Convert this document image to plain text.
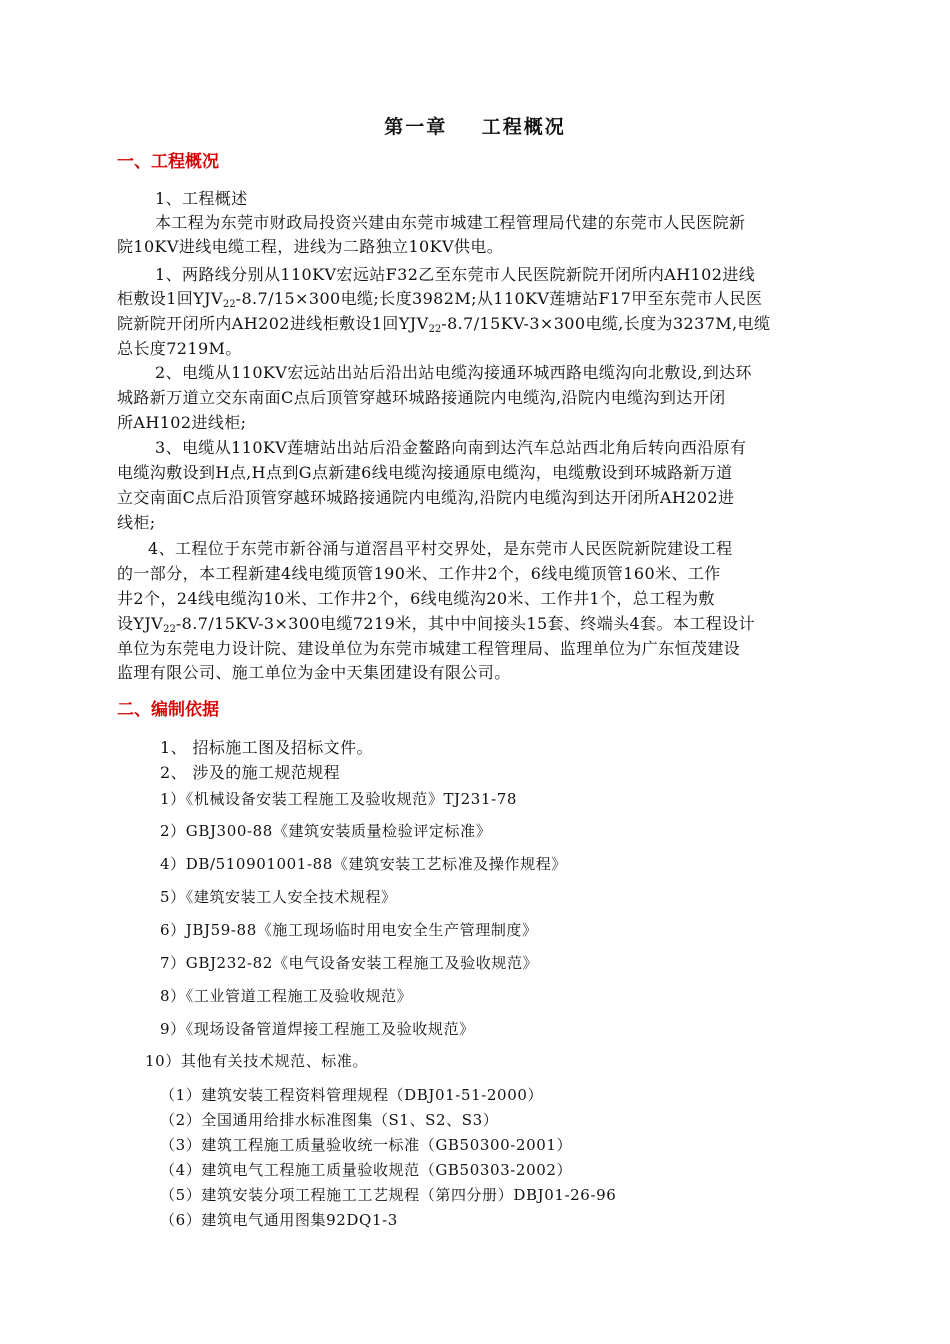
第一章    工程概况
一、工程概况
1、工程概述
本工程为东莞市财政局投资兴建由东莞市城建工程管理局代建的东莞市人民医院新
院10KV进线电缆工程，进线为二路独立10KV供电。
1、两路线分别从110KV宏远站F32乙至东莞市人民医院新院开闭所内AH102进线
柜敷设1回$YJV_{22}-8.7/15\times 300$电缆;长度3982M;从110KV莲塘站F17甲至东莞市人民医
院新院开闭所内AH202进线柜敷设1回$YJV_{22}-8.7/15KV-3\times 300$电缆,长度为3237M,电缆
总长度7219M。
2、电缆从110KV宏远站出站后沿出站电缆沟接通环城西路电缆沟向北敷设,到达环
城路新万道立交东南面C点后顶管穿越环城路接通院内电缆沟,沿院内电缆沟到达开闭
所AH102进线柜;
3、电缆从110KV莲塘站出站后沿金鳌路向南到达汽车总站西北角后转向西沿原有
电缆沟敷设到H点,H点到G点新建6线电缆沟接通原电缆沟，电缆敷设到环城路新万道
立交南面C点后沿顶管穿越环城路接通院内电缆沟,沿院内电缆沟到达开闭所AH202进
线柜;
4、工程位于东莞市新谷涌与道滘昌平村交界处，是东莞市人民医院新院建设工程
的一部分，本工程新建4线电缆顶管190米、工作井2个，6线电缆顶管160米、工作
井2个，24线电缆沟10米、工作井2个，6线电缆沟20米、工作井1个，总工程为敷
设$YJV_{22}-8.7/15KV-3\times 300$电缆7219米，其中中间接头15套、终端头4套。本工程设计
单位为东莞电力设计院、建设单位为东莞市城建工程管理局、监理单位为广东恒茂建设
监理有限公司、施工单位为金中天集团建设有限公司。
二、编制依据
1、 招标施工图及招标文件。
2、 涉及的施工规范规程
1）《机械设备安装工程施工及验收规范》TJ231-78
2）GBJ300-88《建筑安装质量检验评定标准》
4）DB/510901001-88《建筑安装工艺标准及操作规程》
5）《建筑安装工人安全技术规程》
6）JBJ59-88《施工现场临时用电安全生产管理制度》
7）GBJ232-82《电气设备安装工程施工及验收规范》
8）《工业管道工程施工及验收规范》
9）《现场设备管道焊接工程施工及验收规范》
10）其他有关技术规范、标准。
（1）建筑安装工程资料管理规程（DBJ01-51-2000）
（2）全国通用给排水标准图集（S1、S2、S3）
（3）建筑工程施工质量验收统一标准（GB50300-2001）
（4）建筑电气工程施工质量验收规范（GB50303-2002）
（5）建筑安装分项工程施工工艺规程（第四分册）DBJ01-26-96
（6）建筑电气通用图集92DQ1-3
